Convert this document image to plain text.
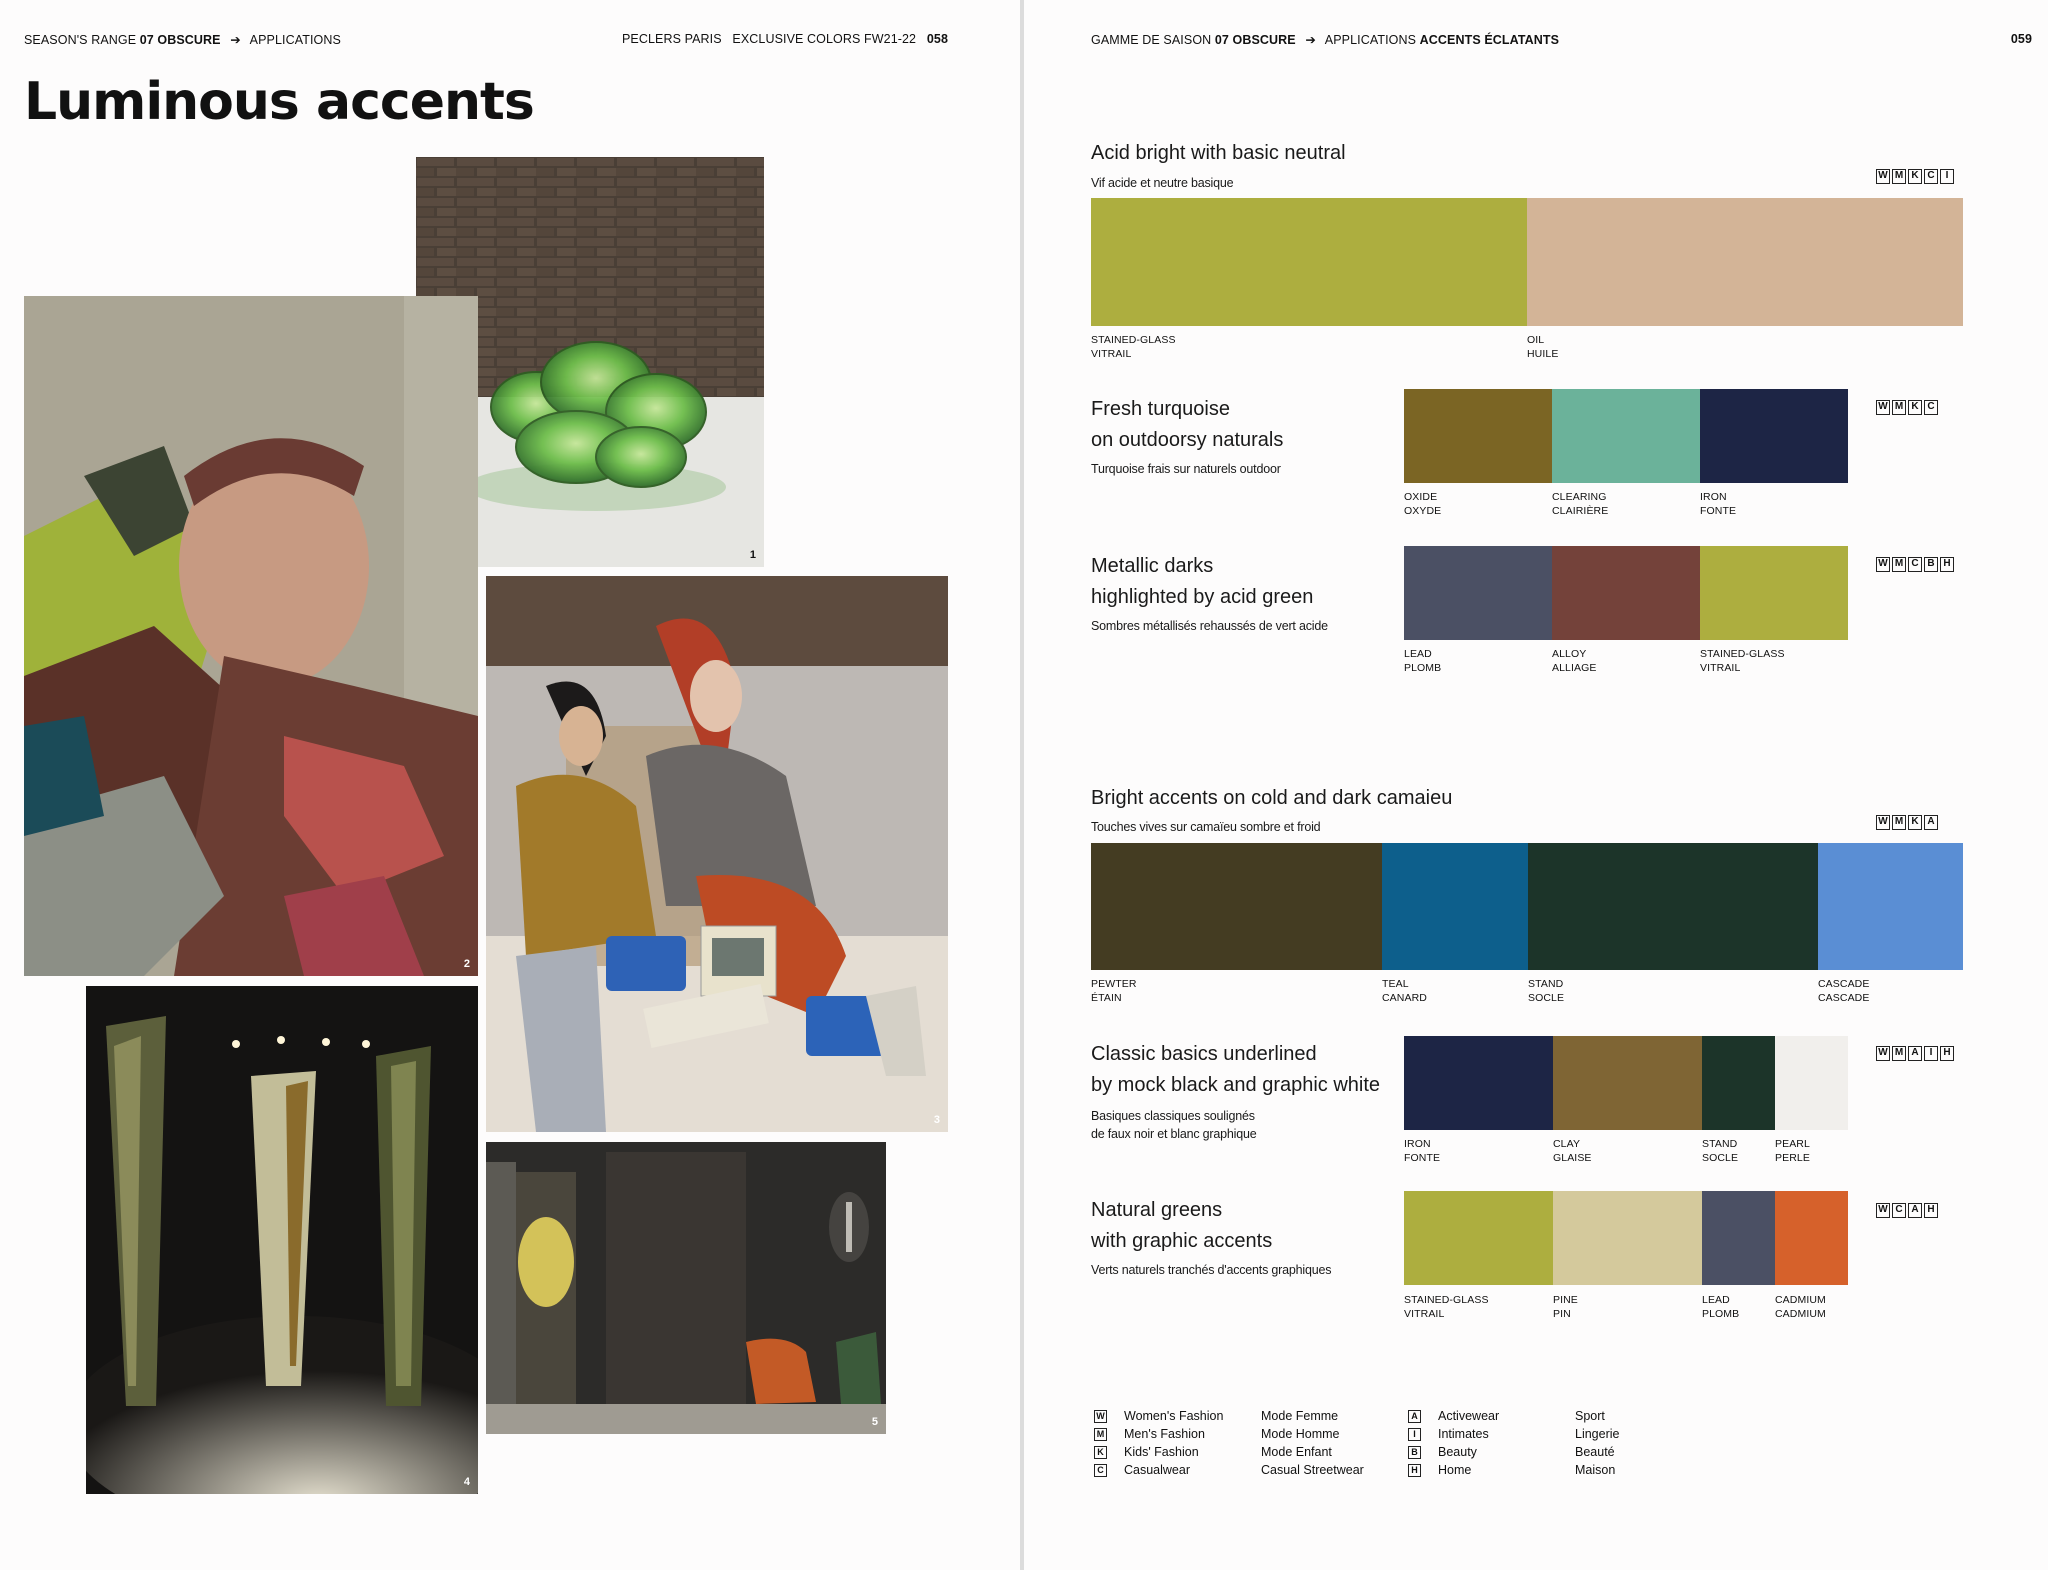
SEASON'S RANGE 07 OBSCURE ➔ APPLICATIONS	PECLERS PARIS EXCLUSIVE COLORS FW21-22 058
Luminous accents
1
2
3
4
5
GAMME DE SAISON 07 OBSCURE ➔ APPLICATIONS ACCENTS ÉCLATANTS	059
Acid bright with basic neutral
Vif acide et neutre basique
W M K C	I
STAINED-GLASS
VITRAIL
OIL
HUILE
Fresh turquoise
on outdoorsy naturals
Turquoise frais sur naturels outdoor
W M K C
OXIDE
OXYDE
CLEARING
CLAIRIÈRE
IRON
FONTE
Metallic darks
highlighted by acid green
Sombres métallisés rehaussés de vert acide
W M C B H
LEAD
PLOMB
ALLOY
ALLIAGE
STAINED-GLASS
VITRAIL
Bright accents on cold and dark camaieu
Touches vives sur camaïeu sombre et froid	W M K A
PEWTER
ÉTAIN
TEAL
CANARD
STAND
SOCLE
CASCADE
CASCADE
Classic basics underlined
by mock black and graphic white
Basiques classiques soulignés
de faux noir et blanc graphique
W M A	I	H
IRON
FONTE
CLAY
GLAISE
STAND
SOCLE
PEARL
PERLE
Natural greens
with graphic accents
Verts naturels tranchés d'accents graphiques
W C A H
STAINED-GLASS
VITRAIL
PINE
PIN
LEAD
PLOMB
CADMIUM
CADMIUM
W Women's Fashion	Mode Femme
M Men's Fashion	Mode Homme
K Kids' Fashion	Mode Enfant
C Casualwear	Casual Streetwear
A Activewear	Sport
I	Intimates	Lingerie
B Beauty	Beauté
H Home	Maison
